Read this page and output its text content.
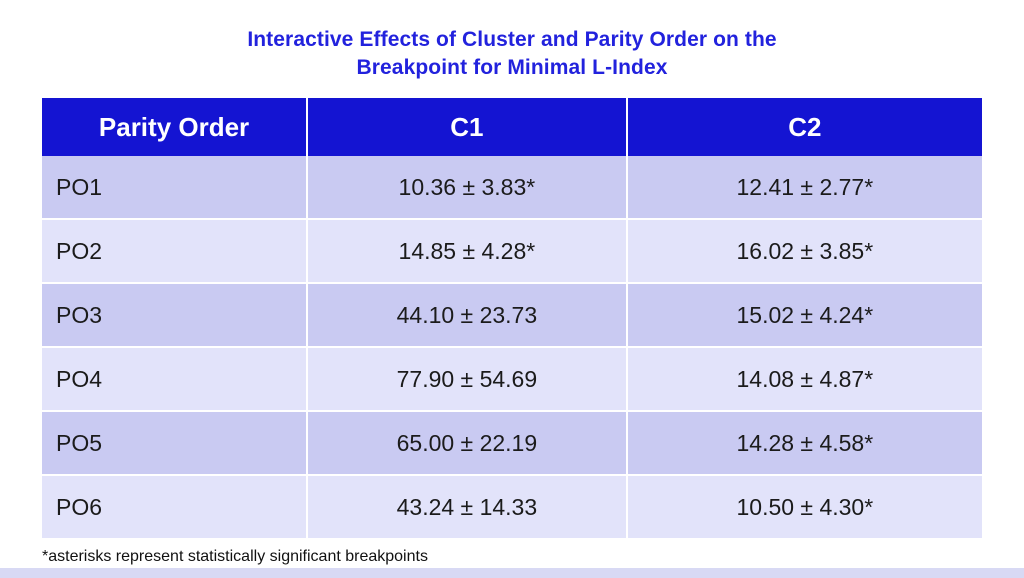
Interactive Effects of Cluster and Parity Order on the
Breakpoint for Minimal L-Index
Parity Order	C1	C2
PO1	10.36 ± 3.83*	12.41 ± 2.77*
PO2	14.85 ± 4.28*	16.02 ± 3.85*
PO3	44.10 ± 23.73	15.02 ± 4.24*
PO4	77.90 ± 54.69	14.08 ± 4.87*
PO5	65.00 ± 22.19	14.28 ± 4.58*
PO6	43.24 ± 14.33	10.50 ± 4.30*
*asterisks represent statistically significant breakpoints
